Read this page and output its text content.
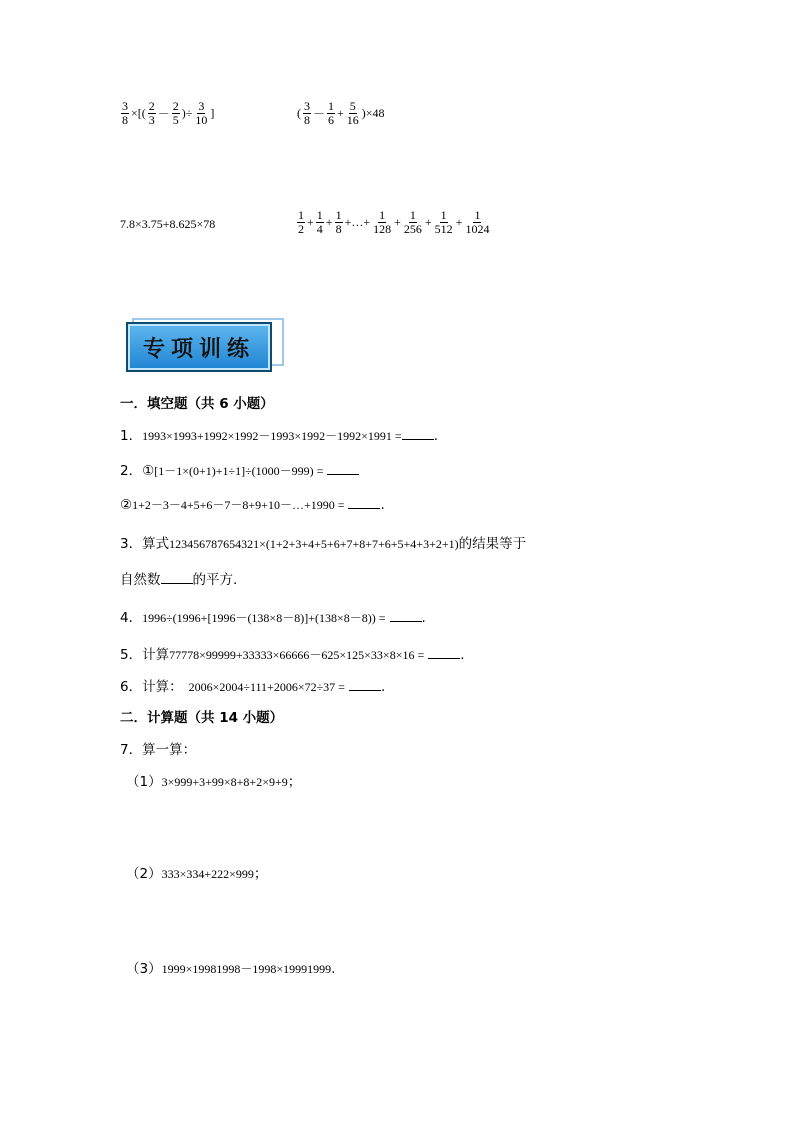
$\frac{3}{8}$ ×[( $\frac{2}{3} - \frac{2}{5}$ )÷ $\frac{3}{10}$ ]	( $\frac{3}{8} - \frac{1}{6} + \frac{5}{16} )\times 48$
7.8×3.75+8.625×78	$\frac{1}{2} + \frac{1}{4} + \frac{1}{8}$ +…+ $\frac{1}{128} + \frac{1}{256} + \frac{1}{512} + \frac{1}{1024}$
专项训练
一．填空题（共 6 小题）
1．1993×1993+1992×1992－1993×1992－1992×1991 = .
2．①[1－1×(0+1)+1÷1]÷(1000－999) =
②1+2－3－4+5+6－7－8+9+10－…+1990 =	.
3．算式123456787654321×(1+2+3+4+5+6+7+8+7+6+5+4+3+2+1)的结果等于
自然数 的平方.
4．1996÷(1996+[1996－(138×8－8)]+(138×8－8)) =	.
5．计算77778×99999+33333×66666－625×125×33×8×16 =	.
6．计算： 2006×2004÷111+2006×72÷37 =	.
二．计算题（共 14 小题）
7．算一算：
（1）3×999+3+99×8+8+2×9+9；
（2）333×334+222×999；
（3）1999×19981998－1998×19991999.
